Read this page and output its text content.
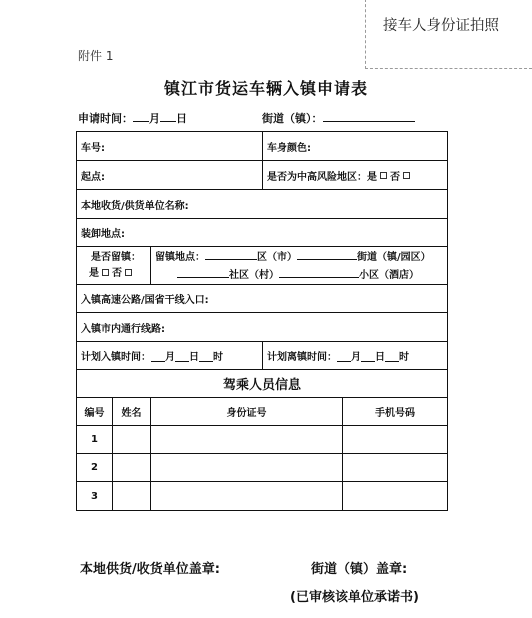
接车人身份证拍照
附件 1
镇江市货运车辆入镇申请表
申请时间： 月 日	街道（镇）：
车号:	车身颜色:
起点:	是否为中高风险地区：是 否
本地收货/供货单位名称:
装卸地点:
是否留镇：
是 否
留镇地点：	区（市）	街道（镇/园区）
社区（村）	小区（酒店）
入镇高速公路/国省干线入口:
入镇市内通行线路:
计划入镇时间： 月 日 时	计划离镇时间： 月 日 时
驾乘人员信息
编号	姓名	身份证号	手机号码
1
2
3
本地供货/收货单位盖章:	街道（镇）盖章:
(已审核该单位承诺书)
